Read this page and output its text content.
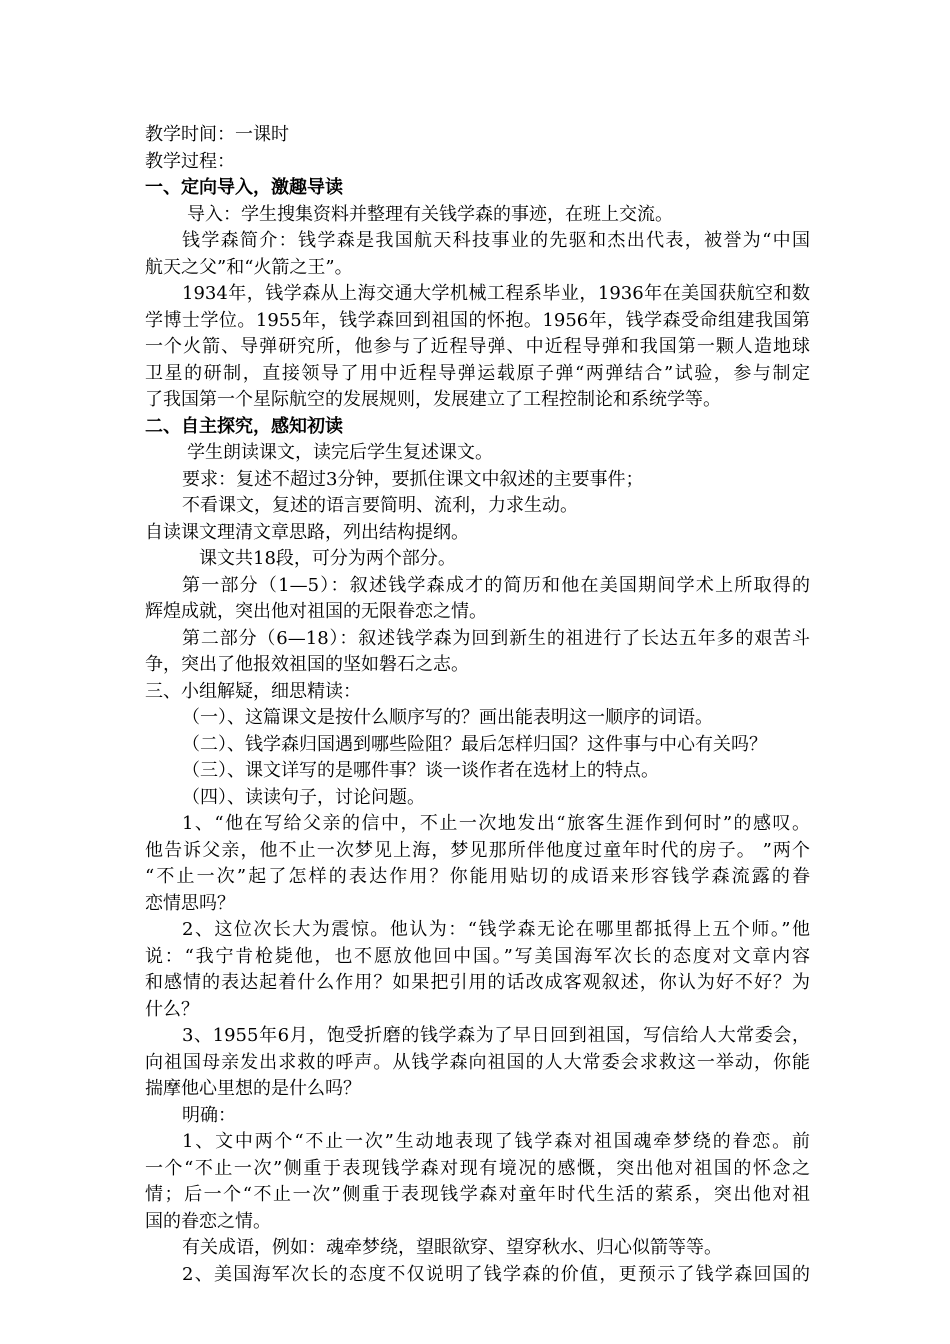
教学时间：一课时
教学过程：
一、定向导入，激趣导读
导入：学生搜集资料并整理有关钱学森的事迹，在班上交流。
钱学森简介：钱学森是我国航天科技事业的先驱和杰出代表，被誉为“中国
航天之父”和“火箭之王”。
1934年，钱学森从上海交通大学机械工程系毕业，1936年在美国获航空和数
学博士学位。1955年，钱学森回到祖国的怀抱。1956年，钱学森受命组建我国第
一个火箭、导弹研究所，他参与了近程导弹、中近程导弹和我国第一颗人造地球
卫星的研制，直接领导了用中近程导弹运载原子弹“两弹结合”试验，参与制定
了我国第一个星际航空的发展规则，发展建立了工程控制论和系统学等。
二、自主探究，感知初读
学生朗读课文，读完后学生复述课文。
要求：复述不超过3分钟，要抓住课文中叙述的主要事件；
不看课文，复述的语言要简明、流利，力求生动。
自读课文理清文章思路，列出结构提纲。
课文共18段，可分为两个部分。
第一部分（1—5）：叙述钱学森成才的简历和他在美国期间学术上所取得的
辉煌成就，突出他对祖国的无限眷恋之情。
第二部分（6—18）：叙述钱学森为回到新生的祖进行了长达五年多的艰苦斗
争，突出了他报效祖国的坚如磐石之志。
三、小组解疑，细思精读：
（一）、这篇课文是按什么顺序写的？画出能表明这一顺序的词语。
（二）、钱学森归国遇到哪些险阻？最后怎样归国？这件事与中心有关吗？
（三）、课文详写的是哪件事？谈一谈作者在选材上的特点。
（四）、读读句子，讨论问题。
1、“他在写给父亲的信中，不止一次地发出“旅客生涯作到何时”的感叹。
他告诉父亲，他不止一次梦见上海，梦见那所伴他度过童年时代的房子。 ”两个
“不止一次”起了怎样的表达作用？你能用贴切的成语来形容钱学森流露的眷
恋情思吗？
2、这位次长大为震惊。他认为：“钱学森无论在哪里都抵得上五个师。”他
说：“我宁肯枪毙他，也不愿放他回中国。”写美国海军次长的态度对文章内容
和感情的表达起着什么作用？如果把引用的话改成客观叙述，你认为好不好？为
什么？
3、1955年6月，饱受折磨的钱学森为了早日回到祖国，写信给人大常委会，
向祖国母亲发出求救的呼声。从钱学森向祖国的人大常委会求救这一举动，你能
揣摩他心里想的是什么吗？
明确：
1、文中两个“不止一次”生动地表现了钱学森对祖国魂牵梦绕的眷恋。前
一个“不止一次”侧重于表现钱学森对现有境况的感慨，突出他对祖国的怀念之
情；后一个“不止一次”侧重于表现钱学森对童年时代生活的萦系，突出他对祖
国的眷恋之情。
有关成语，例如：魂牵梦绕，望眼欲穿、望穿秋水、归心似箭等等。
2、美国海军次长的态度不仅说明了钱学森的价值，更预示了钱学森回国的
